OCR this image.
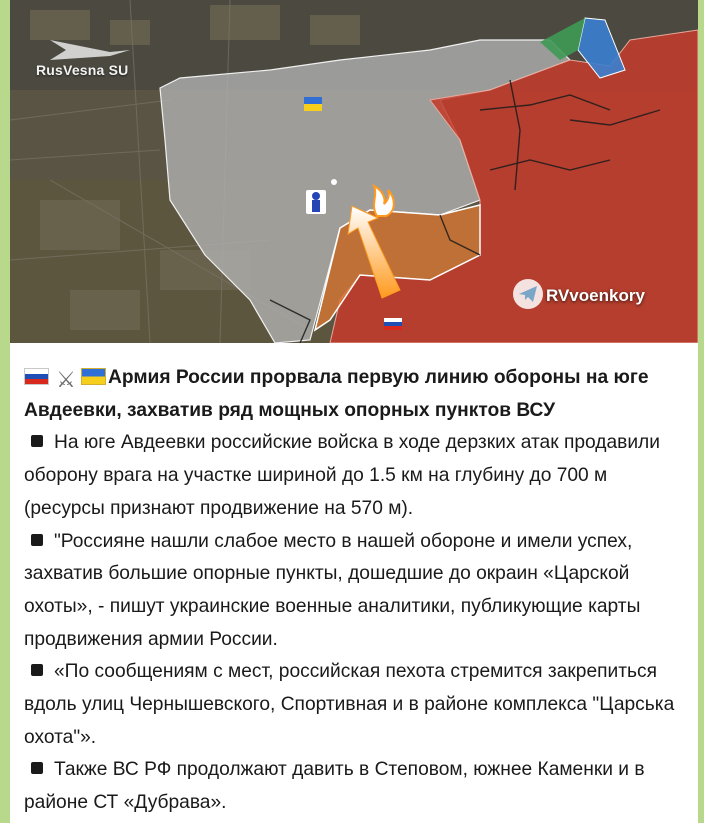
RusVesna SU
RVvoenkory
⚔ Армия России прорвала первую линию обороны на юге Авдеевки, захватив ряд мощных опорных пунктов ВСУ
На юге Авдеевки российские войска в ходе дерзких атак продавили оборону врага на участке шириной до 1.5 км на глубину до 700 м (ресурсы признают продвижение на 570 м).
"Россияне нашли слабое место в нашей обороне и имели успех, захватив большие опорные пункты, дошедшие до окраин «Царской охоты», - пишут украинские военные аналитики, публикующие карты продвижения армии России.
«По сообщениям с мест, российская пехота стремится закрепиться вдоль улиц Чернышевского, Спортивная и в районе комплекса "Царська охота"».
Также ВС РФ продолжают давить в Степовом, южнее Каменки и в районе СТ «Дубрава».
